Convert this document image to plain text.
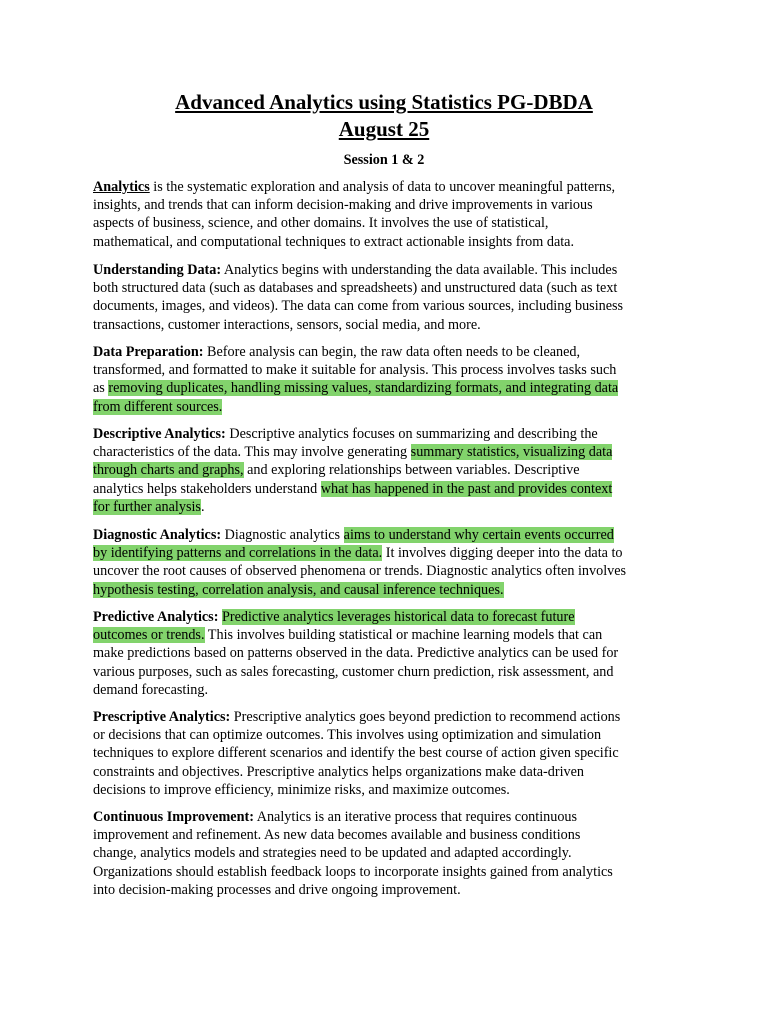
Advanced Analytics using Statistics PG-DBDA
August 25
Session 1 & 2

Analytics is the systematic exploration and analysis of data to uncover meaningful patterns,
insights, and trends that can inform decision-making and drive improvements in various
aspects of business, science, and other domains. It involves the use of statistical,
mathematical, and computational techniques to extract actionable insights from data.

Understanding Data: Analytics begins with understanding the data available. This includes
both structured data (such as databases and spreadsheets) and unstructured data (such as text
documents, images, and videos). The data can come from various sources, including business
transactions, customer interactions, sensors, social media, and more.

Data Preparation: Before analysis can begin, the raw data often needs to be cleaned,
transformed, and formatted to make it suitable for analysis. This process involves tasks such
as removing duplicates, handling missing values, standardizing formats, and integrating data
from different sources.

Descriptive Analytics: Descriptive analytics focuses on summarizing and describing the
characteristics of the data. This may involve generating summary statistics, visualizing data
through charts and graphs, and exploring relationships between variables. Descriptive
analytics helps stakeholders understand what has happened in the past and provides context
for further analysis.

Diagnostic Analytics: Diagnostic analytics aims to understand why certain events occurred
by identifying patterns and correlations in the data. It involves digging deeper into the data to
uncover the root causes of observed phenomena or trends. Diagnostic analytics often involves
hypothesis testing, correlation analysis, and causal inference techniques.

Predictive Analytics: Predictive analytics leverages historical data to forecast future
outcomes or trends. This involves building statistical or machine learning models that can
make predictions based on patterns observed in the data. Predictive analytics can be used for
various purposes, such as sales forecasting, customer churn prediction, risk assessment, and
demand forecasting.

Prescriptive Analytics: Prescriptive analytics goes beyond prediction to recommend actions
or decisions that can optimize outcomes. This involves using optimization and simulation
techniques to explore different scenarios and identify the best course of action given specific
constraints and objectives. Prescriptive analytics helps organizations make data-driven
decisions to improve efficiency, minimize risks, and maximize outcomes.

Continuous Improvement: Analytics is an iterative process that requires continuous
improvement and refinement. As new data becomes available and business conditions
change, analytics models and strategies need to be updated and adapted accordingly.
Organizations should establish feedback loops to incorporate insights gained from analytics
into decision-making processes and drive ongoing improvement.
